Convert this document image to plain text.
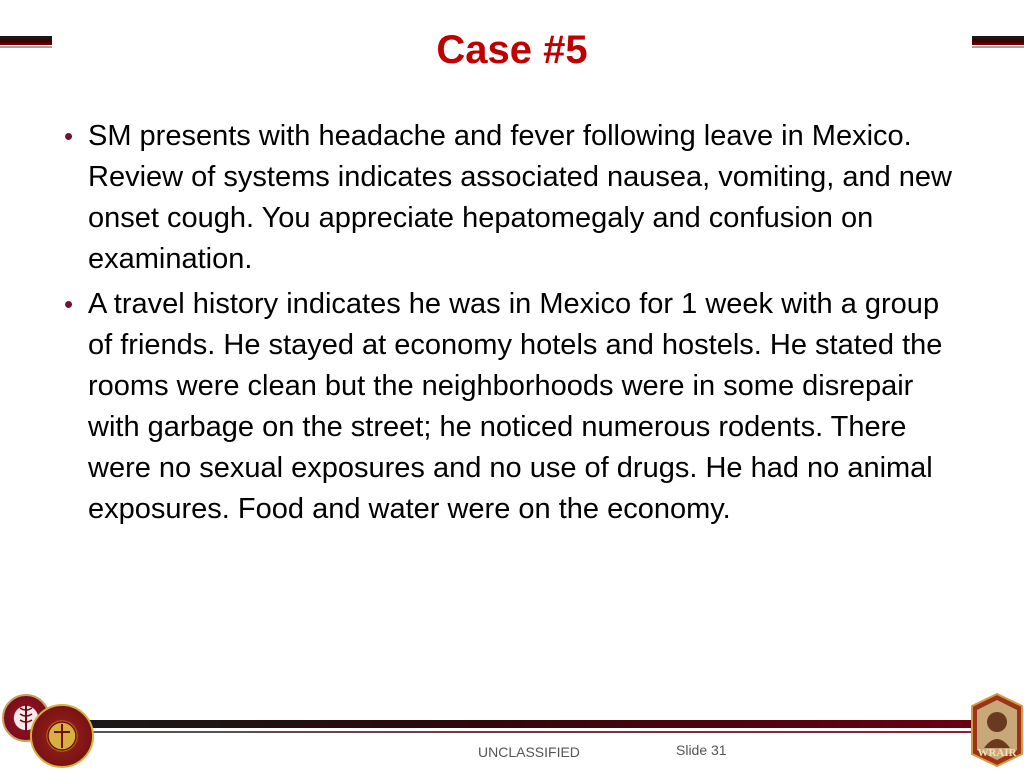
Case #5
• SM presents with headache and fever following leave in Mexico. Review of systems indicates associated nausea, vomiting, and new onset cough. You appreciate hepatomegaly and confusion on examination.
• A travel history indicates he was in Mexico for 1 week with a group of friends. He stayed at economy hotels and hostels. He stated the rooms were clean but the neighborhoods were in some disrepair with garbage on the street; he noticed numerous rodents. There were no sexual exposures and no use of drugs. He had no animal exposures. Food and water were on the economy.
WRAIR
UNCLASSIFIED	Slide 31
